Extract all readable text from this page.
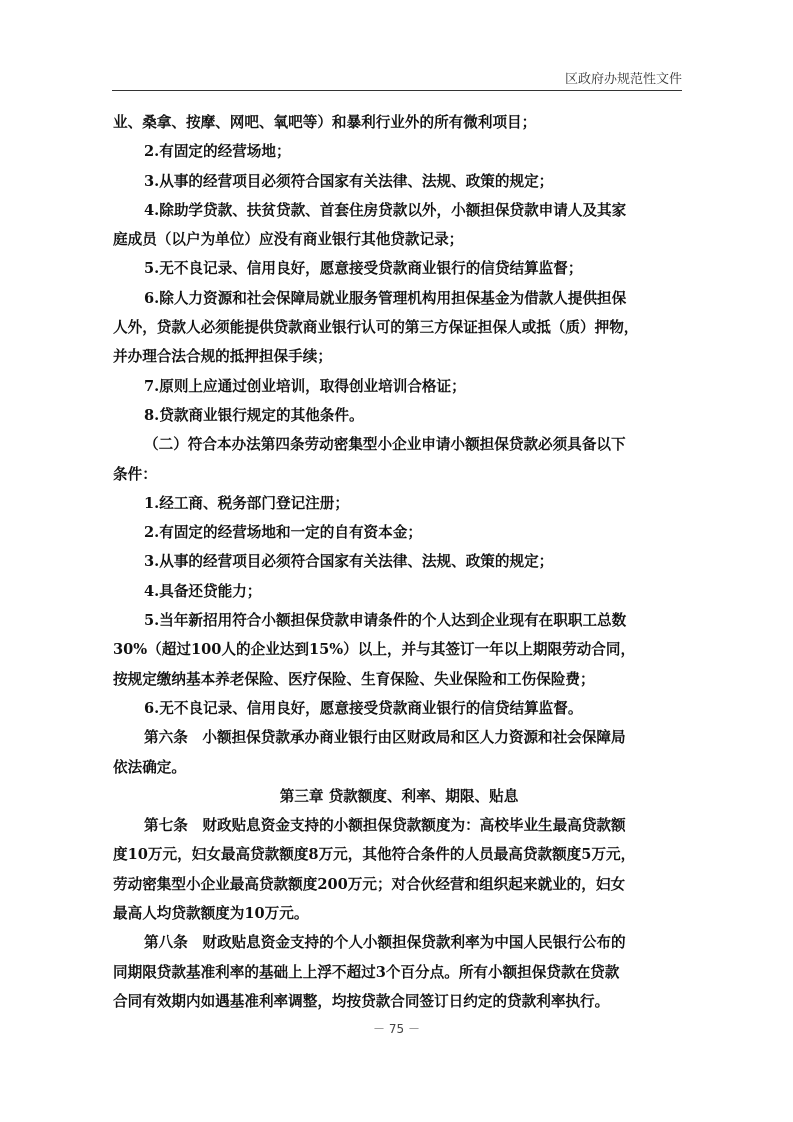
区政府办规范性文件

业、桑拿、按摩、网吧、氧吧等）和暴利行业外的所有微利项目；

2.有固定的经营场地；

3.从事的经营项目必须符合国家有关法律、法规、政策的规定；

4.除助学贷款、扶贫贷款、首套住房贷款以外，小额担保贷款申请人及其家

庭成员（以户为单位）应没有商业银行其他贷款记录；

5.无不良记录、信用良好，愿意接受贷款商业银行的信贷结算监督；

6.除人力资源和社会保障局就业服务管理机构用担保基金为借款人提供担保

人外，贷款人必须能提供贷款商业银行认可的第三方保证担保人或抵（质）押物，

并办理合法合规的抵押担保手续；

7.原则上应通过创业培训，取得创业培训合格证；

8.贷款商业银行规定的其他条件。

（二）符合本办法第四条劳动密集型小企业申请小额担保贷款必须具备以下

条件：

1.经工商、税务部门登记注册；

2.有固定的经营场地和一定的自有资本金；

3.从事的经营项目必须符合国家有关法律、法规、政策的规定；

4.具备还贷能力；

5.当年新招用符合小额担保贷款申请条件的个人达到企业现有在职职工总数

30%（超过100人的企业达到15%）以上，并与其签订一年以上期限劳动合同，

按规定缴纳基本养老保险、医疗保险、生育保险、失业保险和工伤保险费；

6.无不良记录、信用良好，愿意接受贷款商业银行的信贷结算监督。

第六条　小额担保贷款承办商业银行由区财政局和区人力资源和社会保障局

依法确定。

第三章 贷款额度、利率、期限、贴息

第七条　财政贴息资金支持的小额担保贷款额度为：高校毕业生最高贷款额

度10万元，妇女最高贷款额度8万元，其他符合条件的人员最高贷款额度5万元，

劳动密集型小企业最高贷款额度200万元；对合伙经营和组织起来就业的，妇女

最高人均贷款额度为10万元。

第八条　财政贴息资金支持的个人小额担保贷款利率为中国人民银行公布的

同期限贷款基准利率的基础上上浮不超过3个百分点。所有小额担保贷款在贷款

合同有效期内如遇基准利率调整，均按贷款合同签订日约定的贷款利率执行。

－ 75 －
